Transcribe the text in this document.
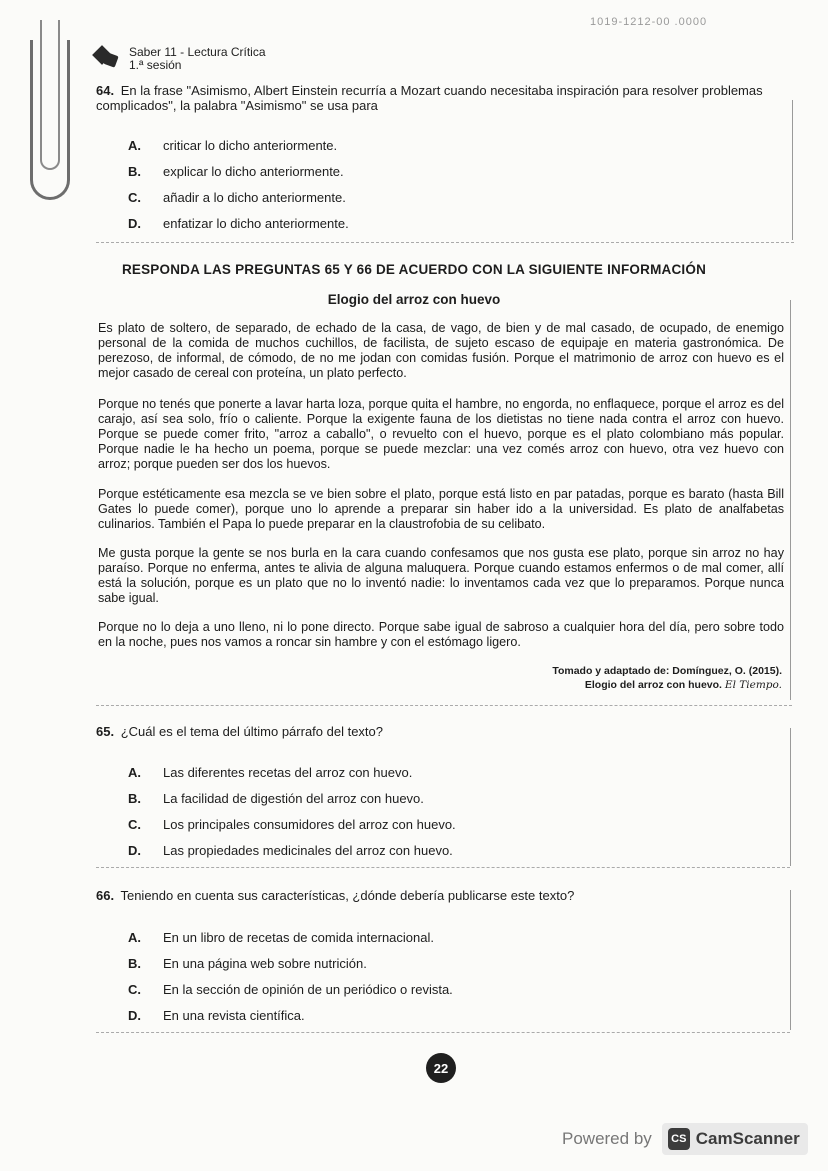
1019-1212-00 .0000
Saber 11 - Lectura Crítica
1.ª sesión
64. En la frase "Asimismo, Albert Einstein recurría a Mozart cuando necesitaba inspiración para resolver problemas complicados", la palabra "Asimismo" se usa para
A.	criticar lo dicho anteriormente.
B.	explicar lo dicho anteriormente.
C.	añadir a lo dicho anteriormente.
D.	enfatizar lo dicho anteriormente.
RESPONDA LAS PREGUNTAS 65 Y 66 DE ACUERDO CON LA SIGUIENTE INFORMACIÓN
Elogio del arroz con huevo
Es plato de soltero, de separado, de echado de la casa, de vago, de bien y de mal casado, de ocupado, de enemigo personal de la comida de muchos cuchillos, de facilista, de sujeto escaso de equipaje en materia gastronómica. De perezoso, de informal, de cómodo, de no me jodan con comidas fusión. Porque el matrimonio de arroz con huevo es el mejor casado de cereal con proteína, un plato perfecto.
Porque no tenés que ponerte a lavar harta loza, porque quita el hambre, no engorda, no enflaquece, porque el arroz es del carajo, así sea solo, frío o caliente. Porque la exigente fauna de los dietistas no tiene nada contra el arroz con huevo. Porque se puede comer frito, "arroz a caballo", o revuelto con el huevo, porque es el plato colombiano más popular. Porque nadie le ha hecho un poema, porque se puede mezclar: una vez comés arroz con huevo, otra vez huevo con arroz; porque pueden ser dos los huevos.
Porque estéticamente esa mezcla se ve bien sobre el plato, porque está listo en par patadas, porque es barato (hasta Bill Gates lo puede comer), porque uno lo aprende a preparar sin haber ido a la universidad. Es plato de analfabetas culinarios. También el Papa lo puede preparar en la claustrofobia de su celibato.
Me gusta porque la gente se nos burla en la cara cuando confesamos que nos gusta ese plato, porque sin arroz no hay paraíso. Porque no enferma, antes te alivia de alguna maluquera. Porque cuando estamos enfermos o de mal comer, allí está la solución, porque es un plato que no lo inventó nadie: lo inventamos cada vez que lo preparamos. Porque nunca sabe igual.
Porque no lo deja a uno lleno, ni lo pone directo. Porque sabe igual de sabroso a cualquier hora del día, pero sobre todo en la noche, pues nos vamos a roncar sin hambre y con el estómago ligero.
Tomado y adaptado de: Domínguez, O. (2015).
Elogio del arroz con huevo. El Tiempo.
65. ¿Cuál es el tema del último párrafo del texto?
A.	Las diferentes recetas del arroz con huevo.
B.	La facilidad de digestión del arroz con huevo.
C.	Los principales consumidores del arroz con huevo.
D.	Las propiedades medicinales del arroz con huevo.
66. Teniendo en cuenta sus características, ¿dónde debería publicarse este texto?
A.	En un libro de recetas de comida internacional.
B.	En una página web sobre nutrición.
C.	En la sección de opinión de un periódico o revista.
D.	En una revista científica.
22
Powered by	CS CamScanner
